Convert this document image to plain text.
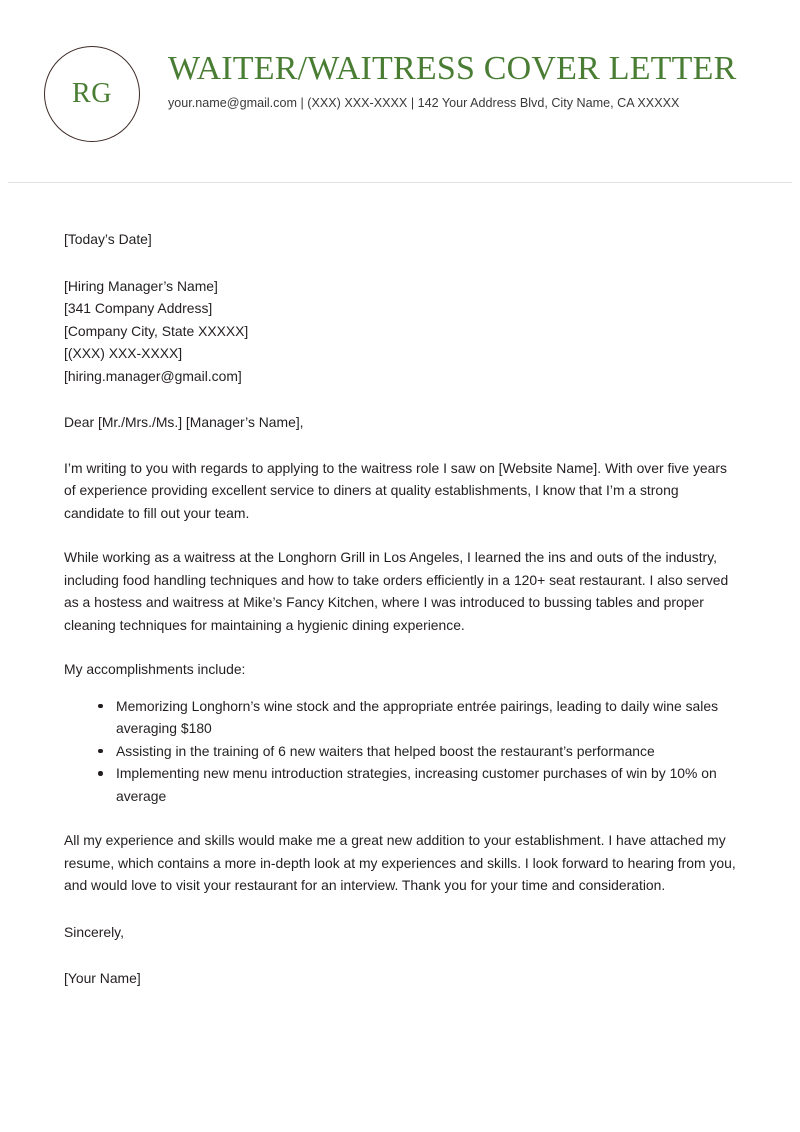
RG
WAITER/WAITRESS COVER LETTER
your.name@gmail.com | (XXX) XXX-XXXX | 142 Your Address Blvd, City Name, CA XXXXX
[Today’s Date]
[Hiring Manager’s Name]
[341 Company Address]
[Company City, State XXXXX]
[(XXX) XXX-XXXX]
[hiring.manager@gmail.com]
Dear [Mr./Mrs./Ms.] [Manager’s Name],

I’m writing to you with regards to applying to the waitress role I saw on [Website Name]. With over five years of experience providing excellent service to diners at quality establishments, I know that I’m a strong candidate to fill out your team.

While working as a waitress at the Longhorn Grill in Los Angeles, I learned the ins and outs of the industry, including food handling techniques and how to take orders efficiently in a 120+ seat restaurant. I also served as a hostess and waitress at Mike’s Fancy Kitchen, where I was introduced to bussing tables and proper cleaning techniques for maintaining a hygienic dining experience.

My accomplishments include:
Memorizing Longhorn’s wine stock and the appropriate entrée pairings, leading to daily wine sales averaging $180
Assisting in the training of 6 new waiters that helped boost the restaurant’s performance
Implementing new menu introduction strategies, increasing customer purchases of win by 10% on average

All my experience and skills would make me a great new addition to your establishment. I have attached my resume, which contains a more in-depth look at my experiences and skills. I look forward to hearing from you, and would love to visit your restaurant for an interview. Thank you for your time and consideration.

Sincerely,
[Your Name]
